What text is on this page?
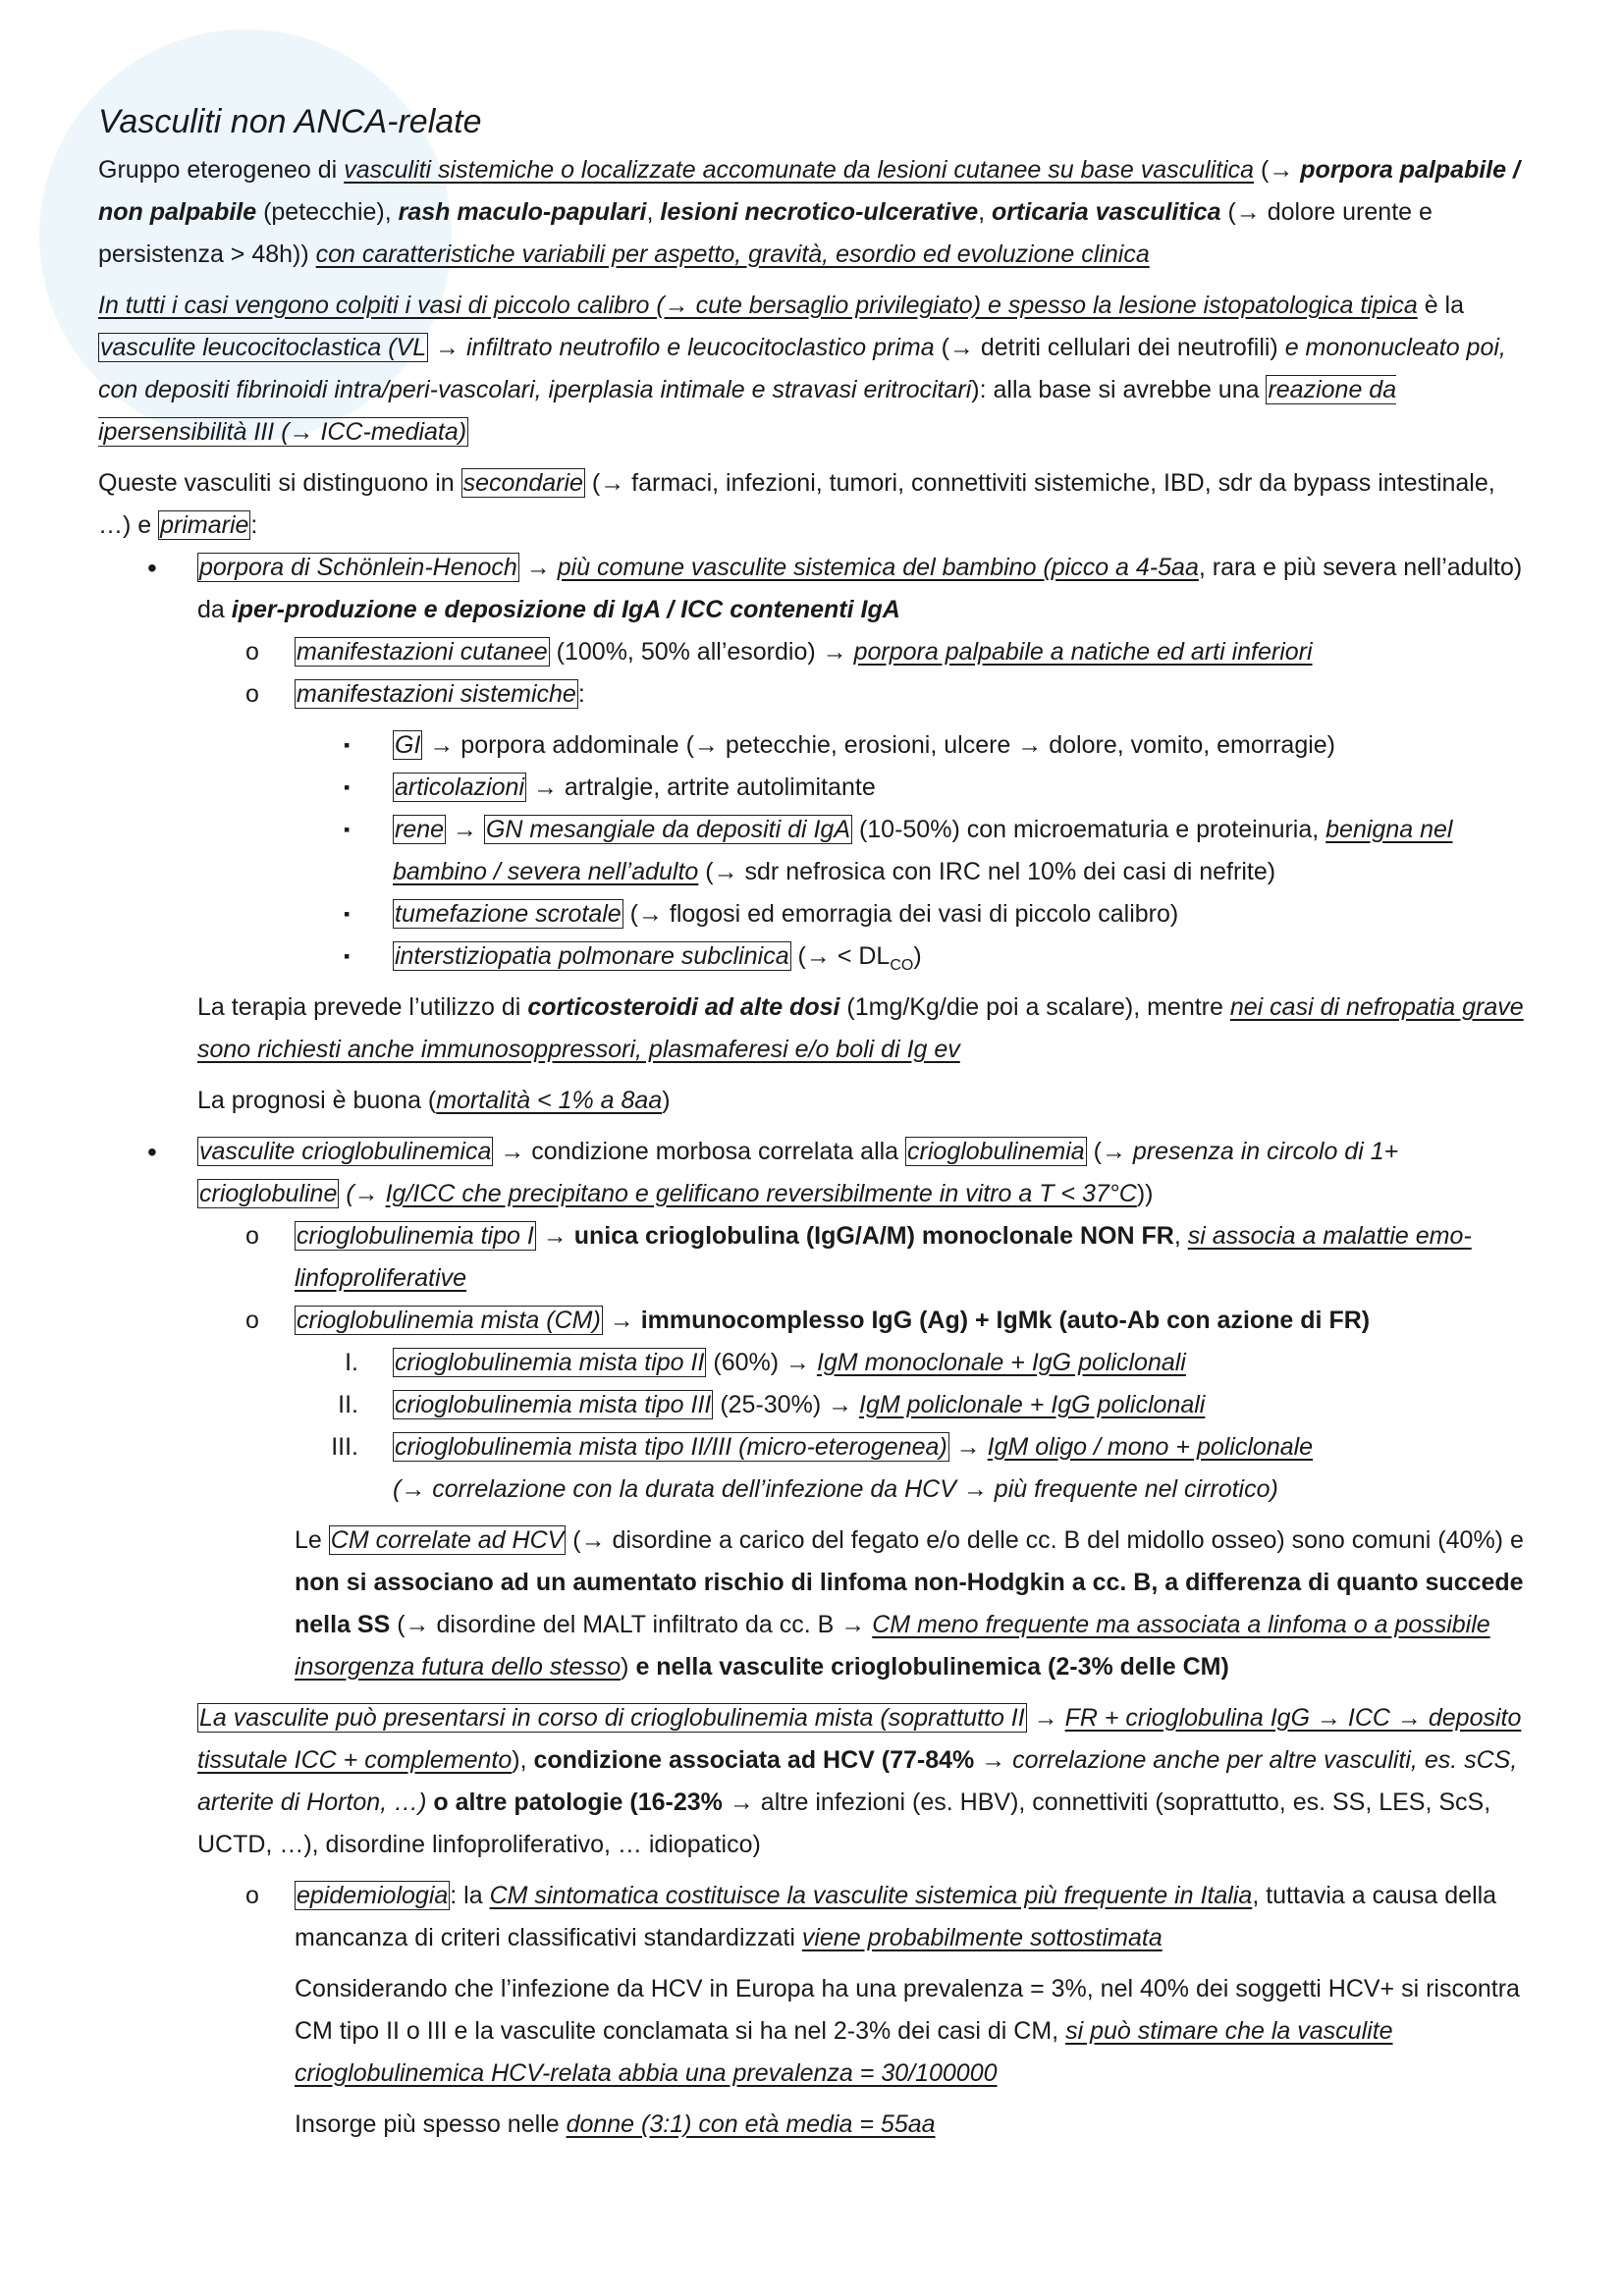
Vasculiti non ANCA-relate

Gruppo eterogeneo di vasculiti sistemiche o localizzate accomunate da lesioni cutanee su base vasculitica (→ porpora palpabile / non palpabile (petecchie), rash maculo-papulari, lesioni necrotico-ulcerative, orticaria vasculitica (→ dolore urente e persistenza > 48h)) con caratteristiche variabili per aspetto, gravità, esordio ed evoluzione clinica

In tutti i casi vengono colpiti i vasi di piccolo calibro (→ cute bersaglio privilegiato) e spesso la lesione istopatologica tipica è la vasculite leucocitoclastica (VL → infiltrato neutrofilo e leucocitoclastico prima (→ detriti cellulari dei neutrofili) e mononucleato poi, con depositi fibrinoidi intra/peri-vascolari, iperplasia intimale e stravasi eritrocitari): alla base si avrebbe una reazione da ipersensibilità III (→ ICC-mediata)

Queste vasculiti si distinguono in secondarie (→ farmaci, infezioni, tumori, connettiviti sistemiche, IBD, sdr da bypass intestinale, …) e primarie:

• porpora di Schönlein-Henoch → più comune vasculite sistemica del bambino (picco a 4-5aa, rara e più severa nell’adulto) da iper-produzione e deposizione di IgA / ICC contenenti IgA
o manifestazioni cutanee (100%, 50% all’esordio) → porpora palpabile a natiche ed arti inferiori
o manifestazioni sistemiche:
▪ GI → porpora addominale (→ petecchie, erosioni, ulcere → dolore, vomito, emorragie)
▪ articolazioni → artralgie, artrite autolimitante
▪ rene → GN mesangiale da depositi di IgA (10-50%) con microematuria e proteinuria, benigna nel bambino / severa nell’adulto (→ sdr nefrosica con IRC nel 10% dei casi di nefrite)
▪ tumefazione scrotale (→ flogosi ed emorragia dei vasi di piccolo calibro)
▪ interstiziopatia polmonare subclinica (→ < $DL_{CO}$)

La terapia prevede l’utilizzo di corticosteroidi ad alte dosi (1mg/Kg/die poi a scalare), mentre nei casi di nefropatia grave sono richiesti anche immunosoppressori, plasmaferesi e/o boli di Ig ev

La prognosi è buona (mortalità < 1% a 8aa)

• vasculite crioglobulinemica → condizione morbosa correlata alla crioglobulinemia (→ presenza in circolo di 1+ crioglobuline (→ Ig/ICC che precipitano e gelificano reversibilmente in vitro a T < 37°C))
o crioglobulinemia tipo I → unica crioglobulina (IgG/A/M) monoclonale NON FR, si associa a malattie emo-linfoproliferative
o crioglobulinemia mista (CM) → immunocomplesso IgG (Ag) + IgMk (auto-Ab con azione di FR)
I. crioglobulinemia mista tipo II (60%) → IgM monoclonale + IgG policlonali
II. crioglobulinemia mista tipo III (25-30%) → IgM policlonale + IgG policlonali
III. crioglobulinemia mista tipo II/III (micro-eterogenea) → IgM oligo / mono + policlonale
(→ correlazione con la durata dell’infezione da HCV → più frequente nel cirrotico)

Le CM correlate ad HCV (→ disordine a carico del fegato e/o delle cc. B del midollo osseo) sono comuni (40%) e non si associano ad un aumentato rischio di linfoma non-Hodgkin a cc. B, a differenza di quanto succede nella SS (→ disordine del MALT infiltrato da cc. B → CM meno frequente ma associata a linfoma o a possibile insorgenza futura dello stesso) e nella vasculite crioglobulinemica (2-3% delle CM)

La vasculite può presentarsi in corso di crioglobulinemia mista (soprattutto II → FR + crioglobulina IgG → ICC → deposito tissutale ICC + complemento), condizione associata ad HCV (77-84% → correlazione anche per altre vasculiti, es. sCS, arterite di Horton, …) o altre patologie (16-23% → altre infezioni (es. HBV), connettiviti (soprattutto, es. SS, LES, ScS, UCTD, …), disordine linfoproliferativo, … idiopatico)

o epidemiologia: la CM sintomatica costituisce la vasculite sistemica più frequente in Italia, tuttavia a causa della mancanza di criteri classificativi standardizzati viene probabilmente sottostimata

Considerando che l’infezione da HCV in Europa ha una prevalenza = 3%, nel 40% dei soggetti HCV+ si riscontra CM tipo II o III e la vasculite conclamata si ha nel 2-3% dei casi di CM, si può stimare che la vasculite crioglobulinemica HCV-relata abbia una prevalenza = 30/100000

Insorge più spesso nelle donne (3:1) con età media = 55aa
